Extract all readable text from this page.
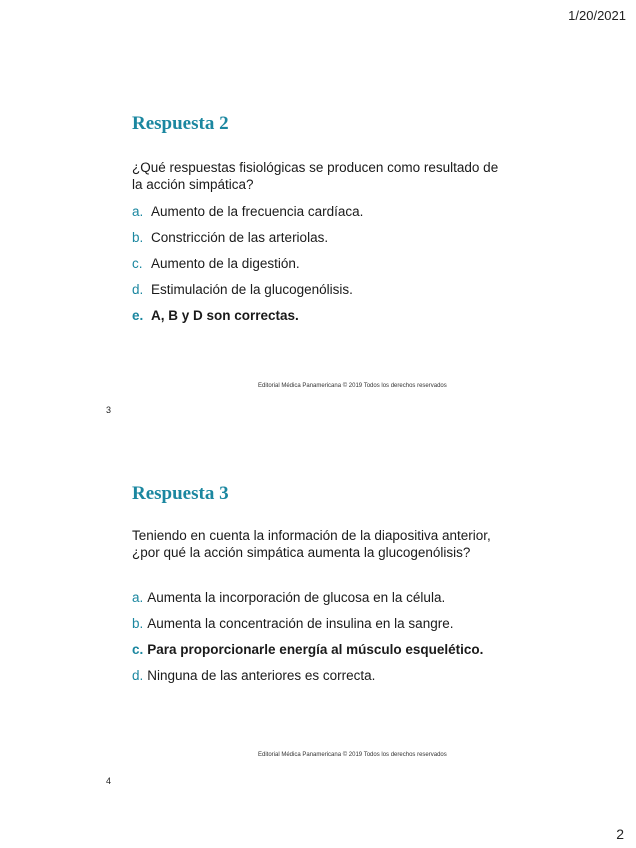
1/20/2021
Respuesta 2
¿Qué respuestas fisiológicas se producen como resultado de la acción simpática?
a. Aumento de la frecuencia cardíaca.
b. Constricción de las arteriolas.
c. Aumento de la digestión.
d. Estimulación de la glucogenólisis.
e. A, B y D son correctas.
Editorial Médica Panamericana © 2019 Todos los derechos reservados
3
Respuesta 3
Teniendo en cuenta la información de la diapositiva anterior, ¿por qué la acción simpática aumenta la glucogenólisis?
a. Aumenta la incorporación de glucosa en la célula.
b. Aumenta la concentración de insulina en la sangre.
c. Para proporcionarle energía al músculo esquelético.
d. Ninguna de las anteriores es correcta.
Editorial Médica Panamericana © 2019 Todos los derechos reservados
4
2
